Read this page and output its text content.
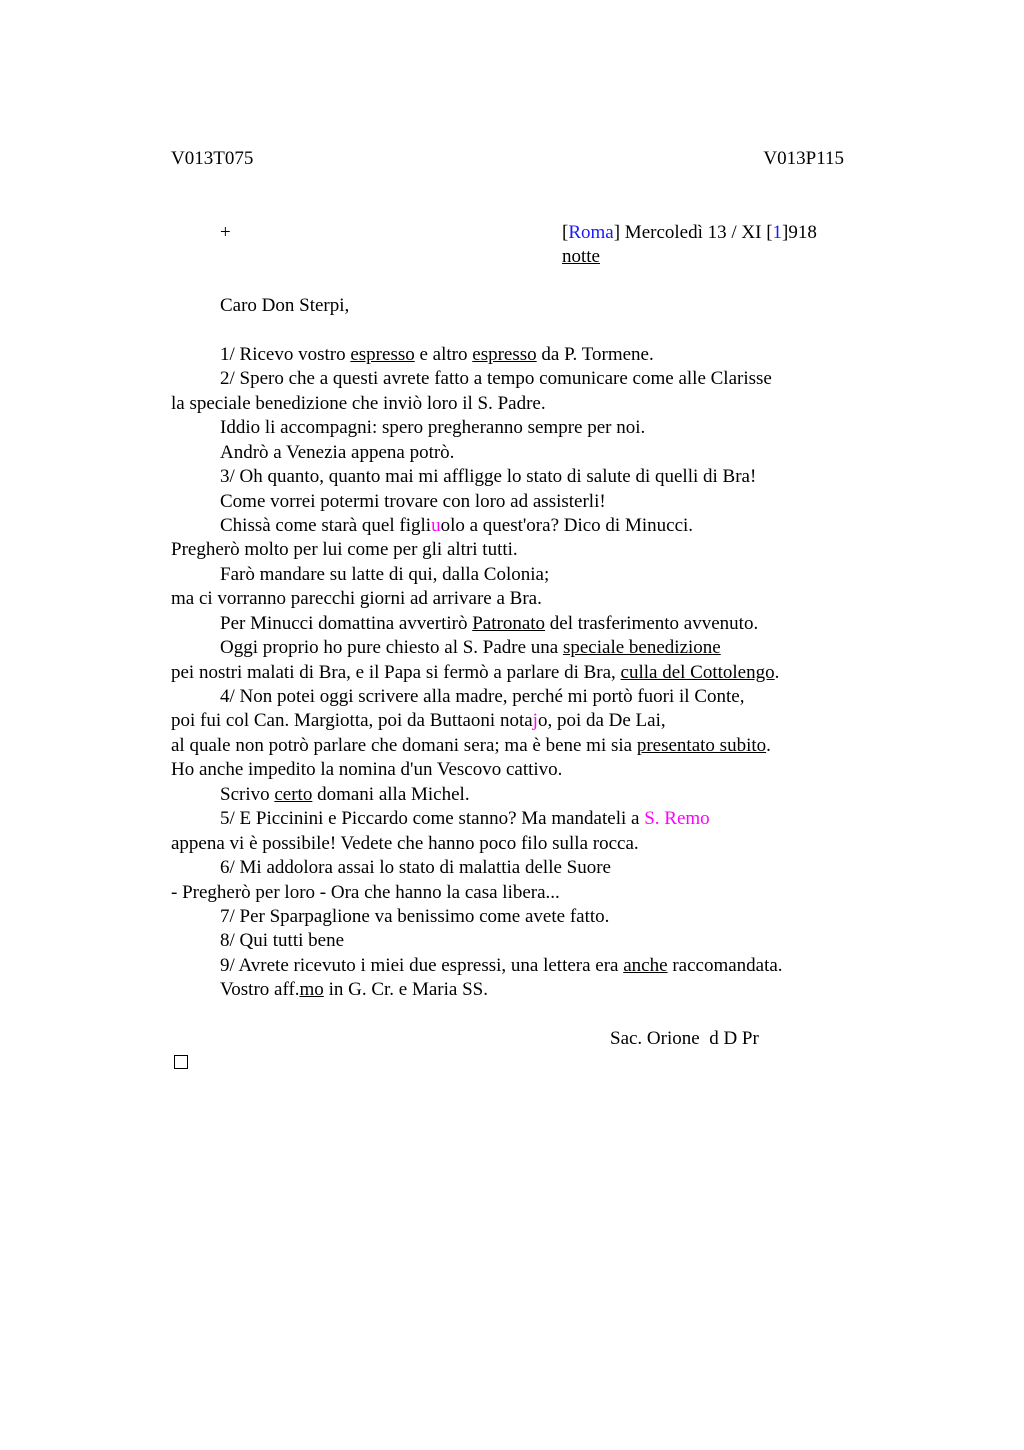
V013T075	V013P115
+	[Roma] Mercoledì 13 / XI [1]918
notte
Caro Don Sterpi,
1/ Ricevo vostro espresso e altro espresso da P. Tormene.
2/ Spero che a questi avrete fatto a tempo comunicare come alle Clarisse
la speciale benedizione che inviò loro il S. Padre.
Iddio li accompagni: spero pregheranno sempre per noi.
Andrò a Venezia appena potrò.
3/ Oh quanto, quanto mai mi affligge lo stato di salute di quelli di Bra!
Come vorrei potermi trovare con loro ad assisterli!
Chissà come starà quel figliuolo a quest'ora? Dico di Minucci.
Pregherò molto per lui come per gli altri tutti.
Farò mandare su latte di qui, dalla Colonia;
ma ci vorranno parecchi giorni ad arrivare a Bra.
Per Minucci domattina avvertirò Patronato del trasferimento avvenuto.
Oggi proprio ho pure chiesto al S. Padre una speciale benedizione
pei nostri malati di Bra, e il Papa si fermò a parlare di Bra, culla del Cottolengo.
4/ Non potei oggi scrivere alla madre, perché mi portò fuori il Conte,
poi fui col Can. Margiotta, poi da Buttaoni notajo, poi da De Lai,
al quale non potrò parlare che domani sera; ma è bene mi sia presentato subito.
Ho anche impedito la nomina d'un Vescovo cattivo.
Scrivo certo domani alla Michel.
5/ E Piccinini e Piccardo come stanno? Ma mandateli a S. Remo
appena vi è possibile! Vedete che hanno poco filo sulla rocca.
6/ Mi addolora assai lo stato di malattia delle Suore
- Pregherò per loro - Ora che hanno la casa libera...
7/ Per Sparpaglione va benissimo come avete fatto.
8/ Qui tutti bene
9/ Avrete ricevuto i miei due espressi, una lettera era anche raccomandata.
Vostro aff.mo in G. Cr. e Maria SS.
Sac. Orione  d D Pr
